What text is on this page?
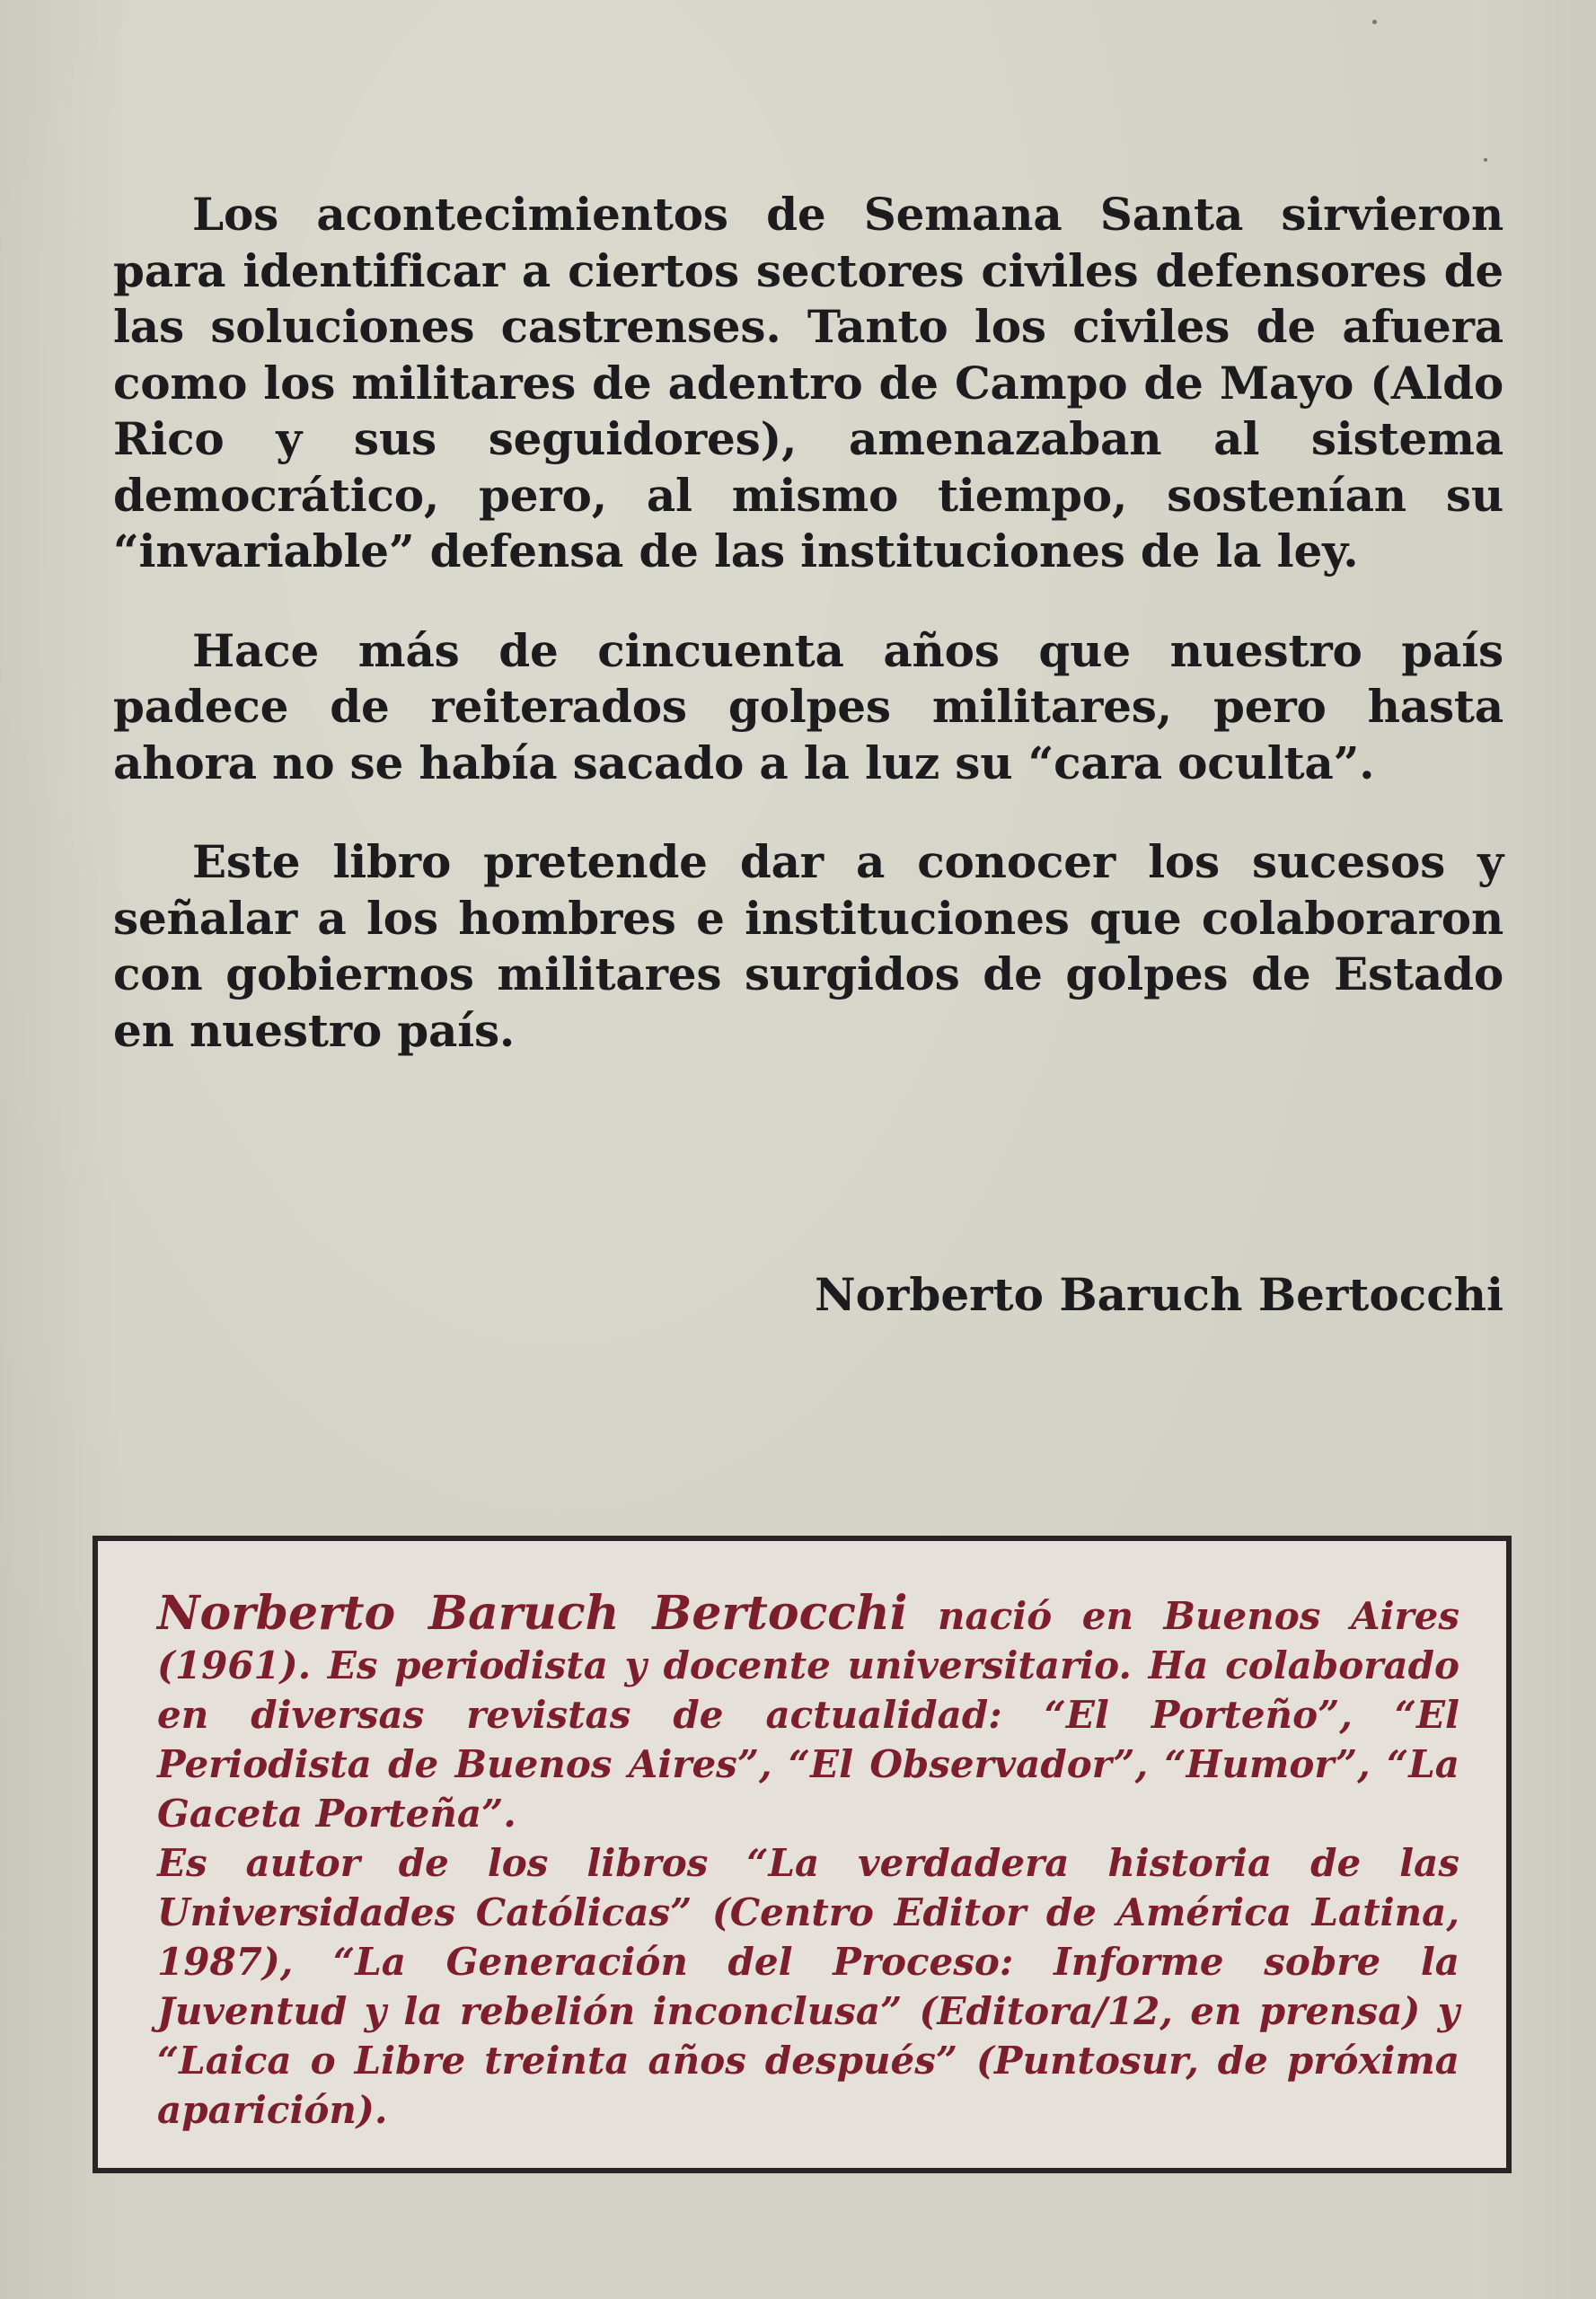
Los acontecimientos de Semana Santa sirvieron para identificar a ciertos sectores civiles defensores de las soluciones castrenses. Tanto los civiles de afuera como los militares de adentro de Campo de Mayo (Aldo Rico y sus seguidores), amenazaban al sistema democrático, pero, al mismo tiempo, sostenían su “invariable” defensa de las instituciones de la ley.

Hace más de cincuenta años que nuestro país padece de reiterados golpes militares, pero hasta ahora no se había sacado a la luz su “cara oculta”.

Este libro pretende dar a conocer los sucesos y señalar a los hombres e instituciones que colaboraron con gobiernos militares surgidos de golpes de Estado en nuestro país.

Norberto Baruch Bertocchi

Norberto Baruch Bertocchi nació en Buenos Aires (1961). Es periodista y docente universitario. Ha colaborado en diversas revistas de actualidad: “El Porteño”, “El Periodista de Buenos Aires”, “El Observador”, “Humor”, “La Gaceta Porteña”.
Es autor de los libros “La verdadera historia de las Universidades Católicas” (Centro Editor de América Latina, 1987), “La Generación del Proceso: Informe sobre la Juventud y la rebelión inconclusa” (Editora/12, en prensa) y “Laica o Libre treinta años después” (Puntosur, de próxima aparición).
